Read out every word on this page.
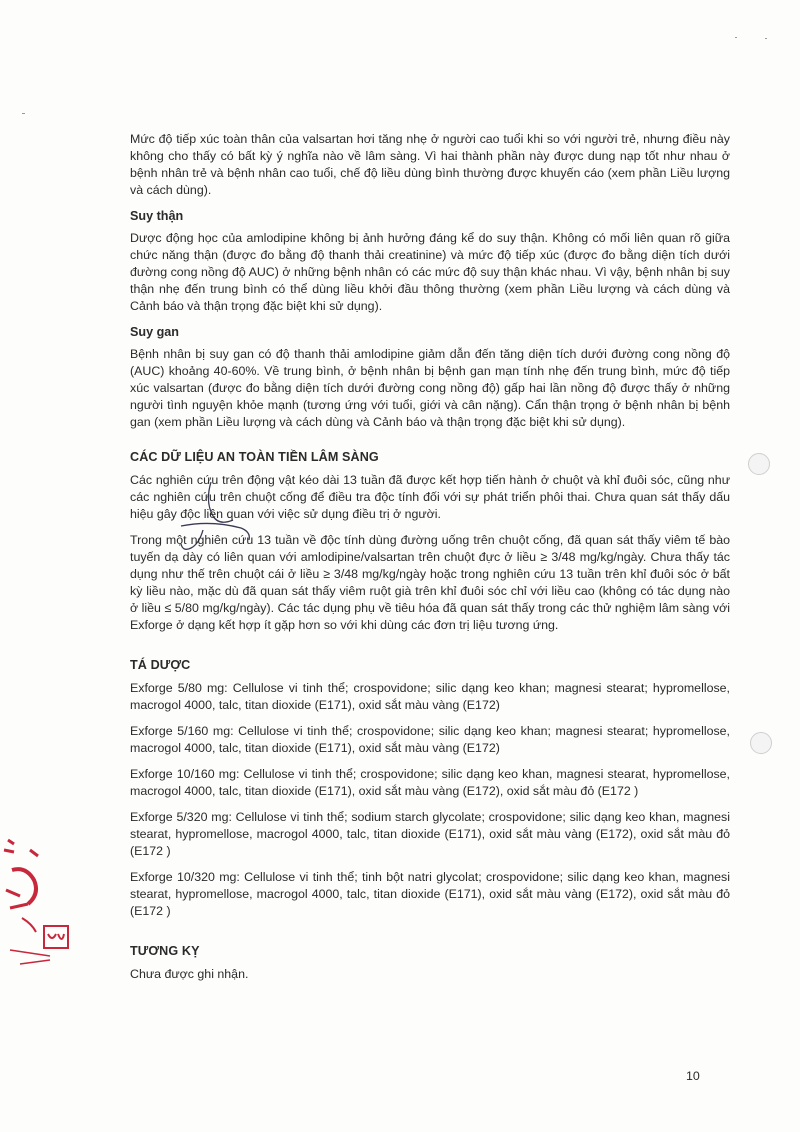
Mức độ tiếp xúc toàn thân của valsartan hơi tăng nhẹ ở người cao tuổi khi so với người trẻ, nhưng điều này không cho thấy có bất kỳ ý nghĩa nào về lâm sàng. Vì hai thành phần này được dung nạp tốt như nhau ở bệnh nhân trẻ và bệnh nhân cao tuổi, chế độ liều dùng bình thường được khuyến cáo (xem phần Liều lượng và cách dùng).

Suy thận

Dược động học của amlodipine không bị ảnh hưởng đáng kể do suy thận. Không có mối liên quan rõ giữa chức năng thận (được đo bằng độ thanh thải creatinine) và mức độ tiếp xúc (được đo bằng diện tích dưới đường cong nồng độ AUC) ở những bệnh nhân có các mức độ suy thận khác nhau. Vì vậy, bệnh nhân bị suy thận nhẹ đến trung bình có thể dùng liều khởi đầu thông thường (xem phần Liều lượng và cách dùng và Cảnh báo và thận trọng đặc biệt khi sử dụng).

Suy gan

Bệnh nhân bị suy gan có độ thanh thải amlodipine giảm dẫn đến tăng diện tích dưới đường cong nồng độ (AUC) khoảng 40-60%. Về trung bình, ở bệnh nhân bị bệnh gan mạn tính nhẹ đến trung bình, mức độ tiếp xúc valsartan (được đo bằng diện tích dưới đường cong nồng độ) gấp hai lần nồng độ được thấy ở những người tình nguyện khỏe mạnh (tương ứng với tuổi, giới và cân nặng). Cẩn thận trọng ở bệnh nhân bị bệnh gan (xem phần Liều lượng và cách dùng và Cảnh báo và thận trọng đặc biệt khi sử dụng).

CÁC DỮ LIỆU AN TOÀN TIỀN LÂM SÀNG

Các nghiên cứu trên động vật kéo dài 13 tuần đã được kết hợp tiến hành ở chuột và khỉ đuôi sóc, cũng như các nghiên cứu trên chuột cống để điều tra độc tính đối với sự phát triển phôi thai. Chưa quan sát thấy dấu hiệu gây độc liên quan với việc sử dụng điều trị ở người.

Trong một nghiên cứu 13 tuần về độc tính dùng đường uống trên chuột cống, đã quan sát thấy viêm tế bào tuyến dạ dày có liên quan với amlodipine/valsartan trên chuột đực ở liều ≥ 3/48 mg/kg/ngày. Chưa thấy tác dụng như thế trên chuột cái ở liều ≥ 3/48 mg/kg/ngày hoặc trong nghiên cứu 13 tuần trên khỉ đuôi sóc ở bất kỳ liều nào, mặc dù đã quan sát thấy viêm ruột già trên khỉ đuôi sóc chỉ với liều cao (không có tác dụng nào ở liều ≤ 5/80 mg/kg/ngày). Các tác dụng phụ về tiêu hóa đã quan sát thấy trong các thử nghiệm lâm sàng với Exforge ở dạng kết hợp ít gặp hơn so với khi dùng các đơn trị liệu tương ứng.

TÁ DƯỢC

Exforge 5/80 mg: Cellulose vi tinh thể; crospovidone; silic dạng keo khan; magnesi stearat; hypromellose, macrogol 4000, talc, titan dioxide (E171), oxid sắt màu vàng (E172)

Exforge 5/160 mg: Cellulose vi tinh thể; crospovidone; silic dạng keo khan; magnesi stearat; hypromellose, macrogol 4000, talc, titan dioxide (E171), oxid sắt màu vàng (E172)

Exforge 10/160 mg: Cellulose vi tinh thể; crospovidone; silic dạng keo khan, magnesi stearat, hypromellose, macrogol 4000, talc, titan dioxide (E171), oxid sắt màu vàng (E172), oxid sắt màu đỏ (E172 )

Exforge 5/320 mg: Cellulose vi tinh thể; sodium starch glycolate; crospovidone; silic dạng keo khan, magnesi stearat, hypromellose, macrogol 4000, talc, titan dioxide (E171), oxid sắt màu vàng (E172), oxid sắt màu đỏ (E172 )

Exforge 10/320 mg: Cellulose vi tinh thể; tinh bột natri glycolat; crospovidone; silic dạng keo khan, magnesi stearat, hypromellose, macrogol 4000, talc, titan dioxide (E171), oxid sắt màu vàng (E172), oxid sắt màu đỏ (E172 )

TƯƠNG KỴ

Chưa được ghi nhận.

10
